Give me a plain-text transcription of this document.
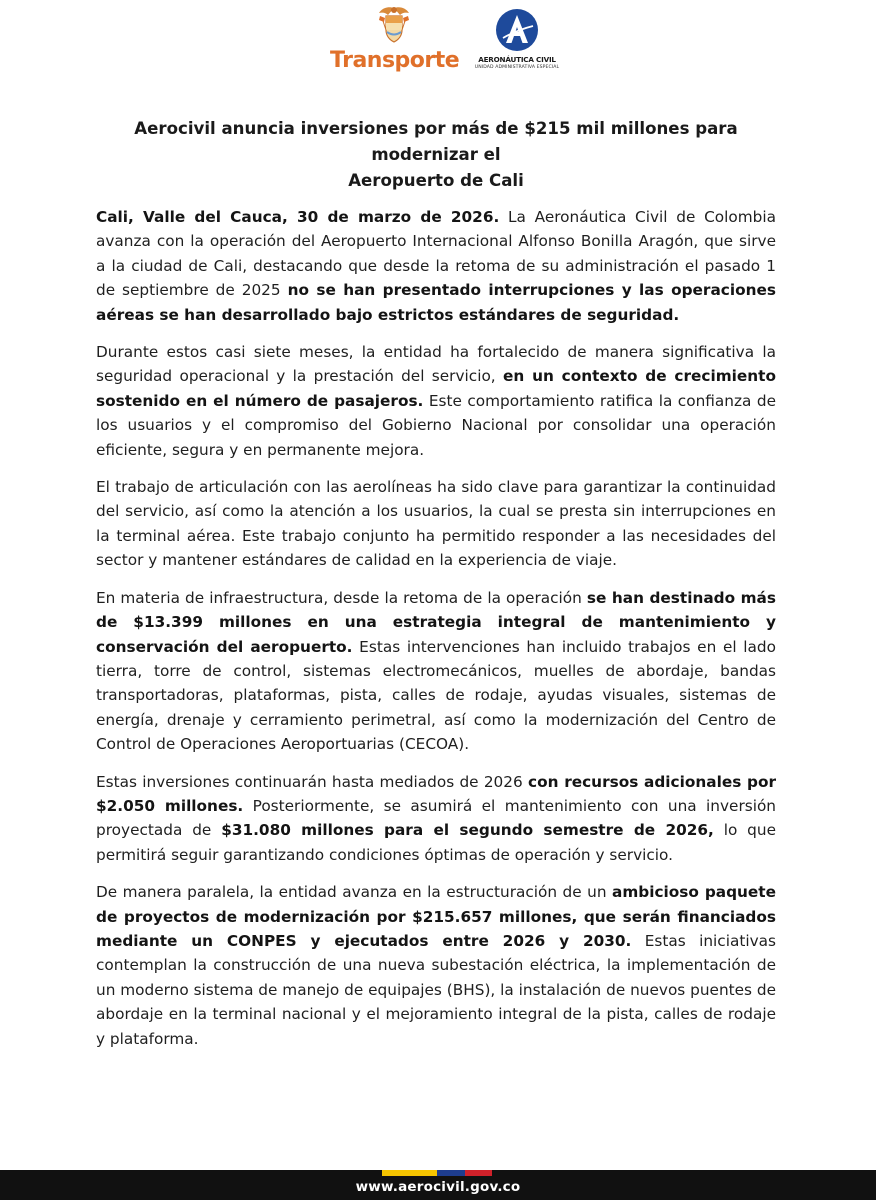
Transporte	AERONÁUTICA CIVIL
UNIDAD ADMINISTRATIVA ESPECIAL
Aerocivil anuncia inversiones por más de $215 mil millones para modernizar el
Aeropuerto de Cali

Cali, Valle del Cauca, 30 de marzo de 2026. La Aeronáutica Civil de Colombia avanza con la operación del Aeropuerto Internacional Alfonso Bonilla Aragón, que sirve a la ciudad de Cali, destacando que desde la retoma de su administración el pasado 1 de septiembre de 2025 no se han presentado interrupciones y las operaciones aéreas se han desarrollado bajo estrictos estándares de seguridad.

Durante estos casi siete meses, la entidad ha fortalecido de manera significativa la seguridad operacional y la prestación del servicio, en un contexto de crecimiento sostenido en el número de pasajeros. Este comportamiento ratifica la confianza de los usuarios y el compromiso del Gobierno Nacional por consolidar una operación eficiente, segura y en permanente mejora.

El trabajo de articulación con las aerolíneas ha sido clave para garantizar la continuidad del servicio, así como la atención a los usuarios, la cual se presta sin interrupciones en la terminal aérea. Este trabajo conjunto ha permitido responder a las necesidades del sector y mantener estándares de calidad en la experiencia de viaje.

En materia de infraestructura, desde la retoma de la operación se han destinado más de $13.399 millones en una estrategia integral de mantenimiento y conservación del aeropuerto. Estas intervenciones han incluido trabajos en el lado tierra, torre de control, sistemas electromecánicos, muelles de abordaje, bandas transportadoras, plataformas, pista, calles de rodaje, ayudas visuales, sistemas de energía, drenaje y cerramiento perimetral, así como la modernización del Centro de Control de Operaciones Aeroportuarias (CECOA).

Estas inversiones continuarán hasta mediados de 2026 con recursos adicionales por $2.050 millones. Posteriormente, se asumirá el mantenimiento con una inversión proyectada de $31.080 millones para el segundo semestre de 2026, lo que permitirá seguir garantizando condiciones óptimas de operación y servicio.

De manera paralela, la entidad avanza en la estructuración de un ambicioso paquete de proyectos de modernización por $215.657 millones, que serán financiados mediante un CONPES y ejecutados entre 2026 y 2030. Estas iniciativas contemplan la construcción de una nueva subestación eléctrica, la implementación de un moderno sistema de manejo de equipajes (BHS), la instalación de nuevos puentes de abordaje en la terminal nacional y el mejoramiento integral de la pista, calles de rodaje y plataforma.

www.aerocivil.gov.co
